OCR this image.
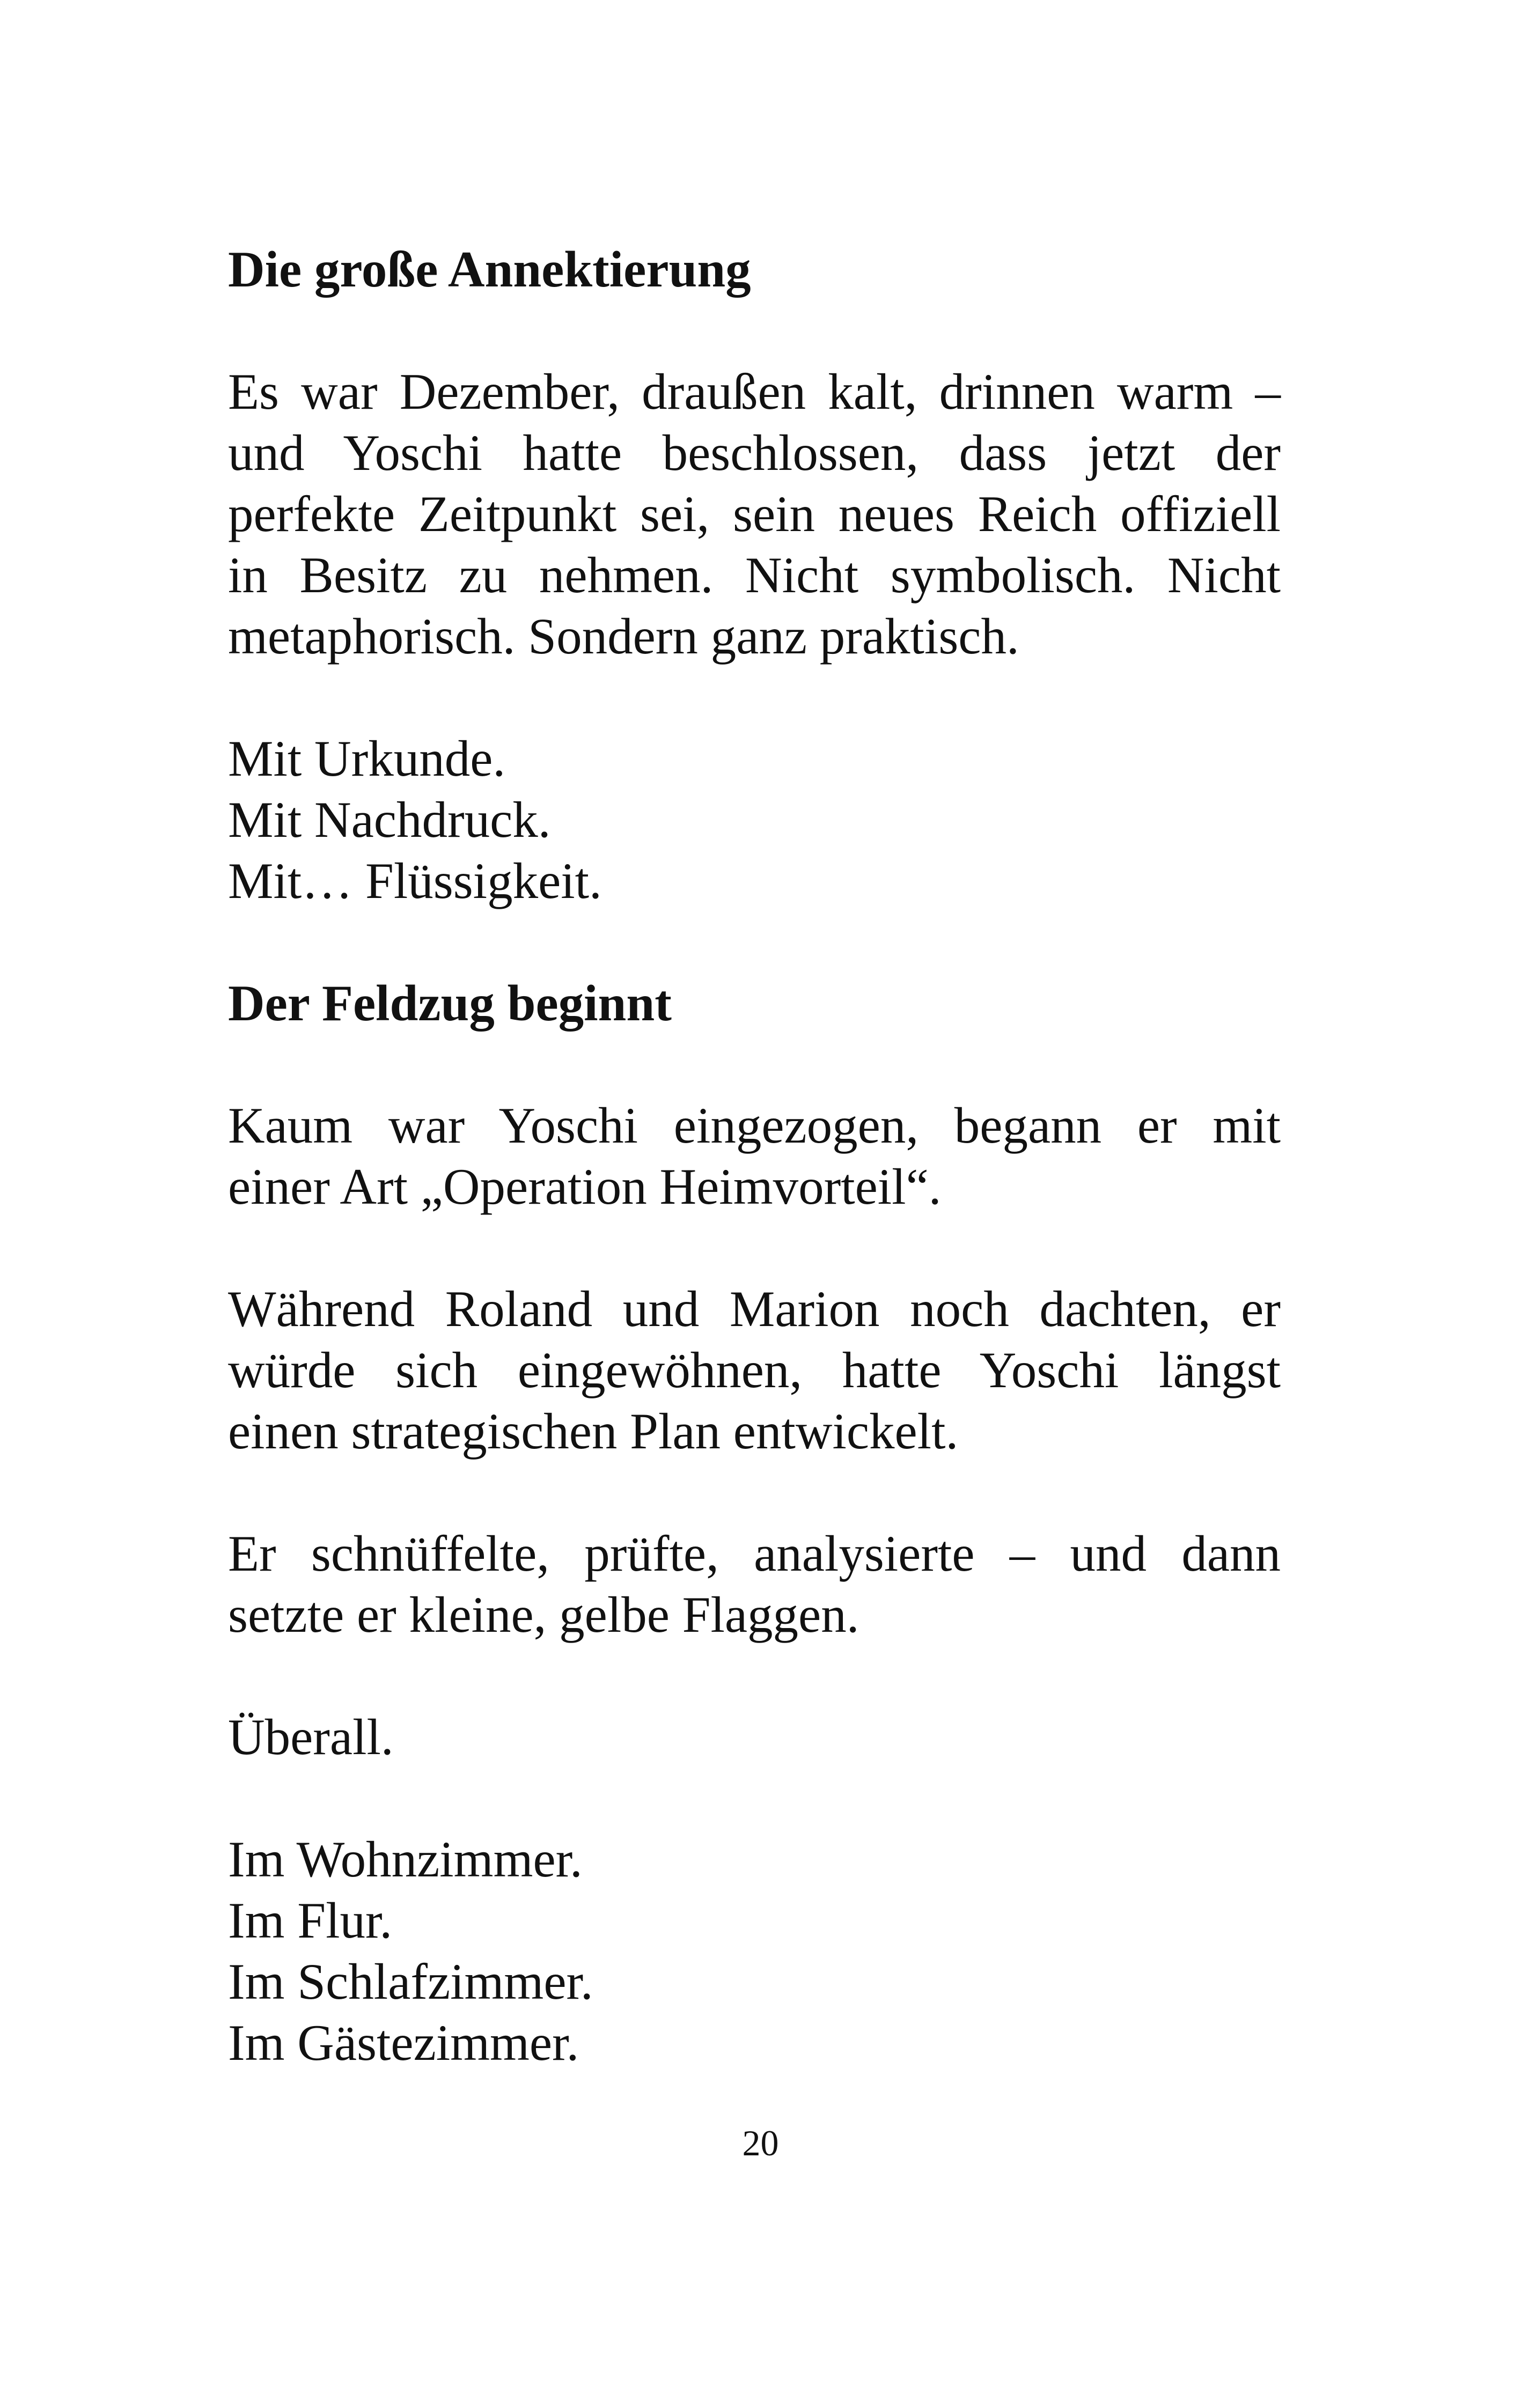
Die große Annektierung
Es war Dezember, draußen kalt, drinnen warm –
und Yoschi hatte beschlossen, dass jetzt der
perfekte Zeitpunkt sei, sein neues Reich offiziell
in Besitz zu nehmen. Nicht symbolisch. Nicht
metaphorisch. Sondern ganz praktisch.
Mit Urkunde.
Mit Nachdruck.
Mit… Flüssigkeit.
Der Feldzug beginnt
Kaum war Yoschi eingezogen, begann er mit
einer Art „Operation Heimvorteil“.
Während Roland und Marion noch dachten, er
würde sich eingewöhnen, hatte Yoschi längst
einen strategischen Plan entwickelt.
Er schnüffelte, prüfte, analysierte – und dann
setzte er kleine, gelbe Flaggen.
Überall.
Im Wohnzimmer.
Im Flur.
Im Schlafzimmer.
Im Gästezimmer.
20
